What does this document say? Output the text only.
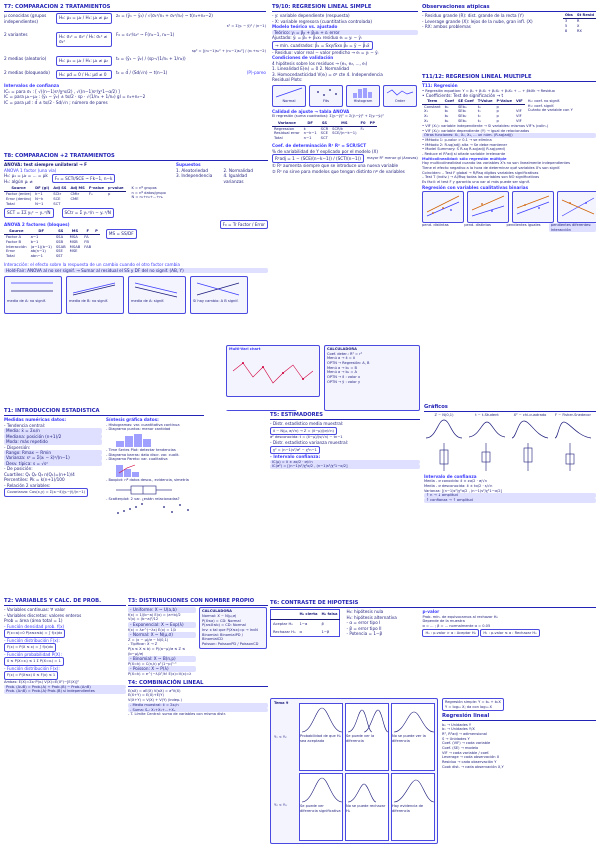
T7: COMPARACIÓN 2 TRATAMIENTOS
μ conocidas (grupos independientes)
H₀: μ₁ = μ₂ / H₁: μ₁ ≠ μ₂	z₀ = (ȳ₁ − ȳ₂) / √(σ₁²/n₁ + σ₂²/n₂) ~ t(n₁+n₂−2)
s² = Σ(yᵢ − ȳ)² / (n−1)
2 variantes	H₀: σ₁² = σ₂² / H₁: σ₁² ≠ σ₂²
F₀ = s₁²/s₂² ~ F(n₁−1, n₂−1)
sp² = [(n₁−1)s₁² + (n₂−1)s₂²] / (n₁+n₂−2)
2 medias (aleatorio)	H₀: μ₁ = μ₂ / H₁: μ₁ ≠ μ₂	t₀ = (ȳ₁ − ȳ₂) / (sp·√(1/n₁ + 1/n₂))
2 medias (bloqueado)	H₀: μd = 0 / H₁: μd ≠ 0	t₀ = d̄ / (Sd/√n) ~ t(n−1)	(P)-pareo
Intervalos de confianza
IC₁ = para σ₁ : [ √((n−1)s²/χ²α/2) , √((n−1)s²/χ²1−α/2) ]
IC = para μ₁−μ₂ : (ȳ₁ − ȳ₂) ± tα/2 · sp · √(1/n₁ + 1/n₂) gl = n₁+n₂−2
IC = para μd : d̄ ± tα/2 · Sd/√n ; número de pares
T8: COMPARACIÓN +2 TRATAMIENTOS
ANOVA: test siempre unilateral → F
ANOVA 1 factor (una vía)
H₀: μ₁ = μ₂ = ... = μk
H₁: algún μᵢ ≠
F₀ = SCTr/SCE ~ Fk−1, n−k
Supuestos
1. Aleatoriedad	2. Normalidad
3. Independencia	4. Igualdad varianzas
Source	DF (gl)	Adj SS	Adj MS	F-value	p-value
Factor (entre)	k−1	SCtr	CMtr	F₀	p
Error (dentro)	N−k	SCE	CME		
Total	N−1	SCT			
K = nº grupos
n = nº datos/grupo
N = n₁+n₂+...+nₖ
SCT = ΣΣ yᵢⱼ² − y..²/N	SCtr = Σ yᵢ.²/n − y..²/N
ANOVA 2 factores (bloques)	F₀ = Tr Factor / Error
Source	DF	SS	MS	F	P
Factor A	a−1	SSA	MSA	FA	
Factor B	b−1	SSB	MSB	FB	
Interacción	(a−1)(b−1)	SSAB	MSAB	FAB	
Error	ab(n−1)	SSE	MSE		
Total	abn−1	SST			
MS = SS/DF
Interacción: el efecto sobre la respuesta de un cambio cuando el otro factor cambia
Hold-Fair: ANOVA al no ser signif. → Sumar al residual el SS y DF del no signif. (AB, Y)
media de A: no signif.	media de B: no signif.	media de A: signif.	Sí hay cambio: A B signif.
T9/10: REGRESIÓN LINEAL SIMPLE
- y: variable dependiente (respuesta)
- X: variable regresora (cuantitativa controlada)
Modelo teórico vs. ajustado
Teórico: yᵢ = β₀ + β₁xᵢ + εᵢ error
Ajustado: ŷᵢ = β̂₀ + β̂₁x₁ residuo eᵢ = yᵢ − ŷᵢ
→ mín. cuadrados: β̂₁ = Sxy/Sxx β̂₀ = ȳ − β̂₁x̄
- Residuo: valor real − valor predicho → eᵢ = yᵢ − ŷᵢ
Condiciones de validación
4 hipótesis sobre los residuos → (e₁, e₂, ..., eᵢ)
1. Linealidad E(eᵢ) = 0 2. Normalidad
3. Homocedasticidad V(eᵢ) = σ² cte 4. Independencia
Residual Plots:
Normal	Fits	Histogram	Order
Calidad de ajuste → tabla ANOVA
El regresión (suma cuadrados): Σ(yᵢ−ȳ)² = Σ(ŷᵢ−ȳ)² + Σ(yᵢ−ŷᵢ)²
Variance	DF	SS	MS	F0	PP
Regression	k	SCR	SCR/k	F₀	
Residual error	n−k−1	SCE	SCE/(n−k−1)		
Total	n−1	SCT			
Coef. de determinación R² R² = SCR/SCT
% de variabilidad de Y explicado por el modelo (X)
R²adj = 1 − (SCE/(n−k−1)) / (SCT/(n−1))	mayor R² menor gl (Anovas)
① R² aumenta siempre que se introduce una nueva variable
② R² no sirve para modelos que tengan distinto nº de variables
Observaciones atípicas
- Residuo grande (R): dist. grande de la recta (Y)
- Leverage grande (X): lejos de la nube, gran infl. (X)
- RX: ambos problemas
Obs	St Resid
3	R
5	X
8	RX
T11/12: REGRESIÓN LINEAL MÚLTIPLE
T11: Regresión
• Regresión equation: Y = β₀ + β₁X₁ + β₂X₂ + β₃X₃ + ... + βkXk → Residuo
• Coefficients: Test de significación → t
Term	Coef	SE Coef	T-Value	P-Value	VIF
Constant	b₀	SEb₀	t₀	p	
X₁	b₁	SEb₁	t₁	p	VIF
X₂	b₂	SEb₂	t₂	p	VIF
X₃	b₃	SEb₃	t₃	p	VIF
H₀: coef. no signif.
H₁: coef. signif.
Cuánto de variable con Y
• VIF (X₁): variable independiente → Si variables: mismas VIF's (colin.)
• VIF (X₂): variable dependiente (Y) → igual de relacionadas
Otras funciones: X₁, X₂, X₃, ... un núm. (R-sq(adj))
• Método 1: p-valor > 0.1 → se elimina
• Método 2: R-sq(adj) alta → Se debe mantener
• Model Summary: S R-sq R-sq(adj) R-sq(pred)
- Reduce el R²adj si añade variable irrelevante
Multicolinealidad: sólo regresión múltiple
Hay multicolinealidad cuando las variables X's no son linealmente independientes
Tiene el efecto negativo a la hora de determinar qué variables X's son signif.
Coinciden: – Test F global → R/Rsq dígitos variables significativas
– Test T (indiv.) → Al/Rsq todas las variables son NO significativas
Es fácil: el test F y garantía una var al más puede ser signif.
Regresión con variables cualitativas binarias
pend. distintas	pend. distintas	pendientes iguales	pendientes diferentes: Interacción
Multi-Vari chart	CALCULADORA
Coef. deter.: R² = r²
Menú a → x̄ = x̄
OPTN → Regresión: A, B
Menú a → b₁ = B
Menú a → b₀ = A
OPTN → x̂ : valor x
OPTN → ŷ : valor y
T1: INTRODUCCIÓN ESTADÍSTICA
Medidas numéricas datos:
- Tendencia central:
Media: x̄ = Σxᵢ/n
Mediana: posición (n+1)/2
Moda: más repetido
- Dispersión:
Rango: Rmax − Rmin
Varianza: s² = Σ(xᵢ − x̄)²/(n−1)
Desv. típica: s = √s²
- De posición:
Cuartiles: Q₁ Q₂ Q₃ n(Q₁)=(n+1)/4
Percentiles: Pk = k(n+1)/100
- Relación 2 variables:
Covarianza: Cov(x,y) = Σ(xᵢ−x̄)(yᵢ−ȳ)/(n−1)
Síntesis gráfica datos:
- Histogramas: var. cuantitativa continua
- Diagrama puntos: menor cantidad
- Time Series Plot: detectar tendencias
- Diagrama barras: dato discr. var. cualit.
- Diagrama Pareto: var. cualitativa
- Boxplot: nº datos desca., evidencia, simetría
- Scatterplot: 2 var. ¿están relacionadas?
T2: VARIABLES Y CÁLC. DE PROB.
- Variables continuas: ∀ valor
- Variables discretas: valores enteros
Prob = área (área total = 1)
- Función densidad prob. f(x)
P(x=a)=0 P(a≤x≤b) = ∫ f(x)dx
- Función distribución F(x):
F(x) = P(X ≤ x) = ∫ f(x)dx
- Función probabilidad P(X):
0 ≤ P(X=xᵢ) ≤ 1 Σ P(X=xᵢ) = 1
- Función distribución F(x):
F(x) = P(X≤x) 0 ≤ F(x) ≤ 1
Ambas: E(X)=Σxᵢ·P(xᵢ) V(X)=E(X²)−[E(X)]²
Prob. (A∪B) = Prob.(A) + Prob.(B) − Prob.(A∩B)
Prob. (A∩B) = Prob.(A)·Prob.(B) si independientes
T3: DISTRIBUCIONES CON NOMBRE PROPIO
- Uniforme: X ~ U(a,b)
f(x) = 1/(b−a) E(x) = (a+b)/2
V(x) = (b−a)²/12
- Exponencial: X ~ Exp(λ)
f(x) = λe^(−λx) E(x) = 1/λ
- Normal: X ~ N(μ,σ)
Z = (x − μ)/σ ~ N(0,1)
- Tipificar: X → Z
P(a ≤ X ≤ b) = P((a−μ)/σ ≤ Z ≤ (b−μ)/σ)
- Binomial: X ~ B(n,p)
P(X=k) = C(n,k) pᵏ(1−p)ⁿ⁻ᵏ
- Poisson: X ~ P(λ)
P(X=k) = e^(−λ)λᵏ/k! E(x)=V(x)=λ
CALCULADORA
Normal: X ~ N(μ,σ)
P(X≤a) = CD: Normal
P(a≤X≤b) = CD: Normal
Inv: x tal que P(X≤x)=p → InvN
Binomial: BinomialPD / BinomialCD
Poisson: PoissonPD / PoissonCD
T4: COMBINACIÓN LINEAL
E(aX) = aE(X) V(aX) = a²V(X)
E(X+Y) = E(X)+E(Y)
V(X+Y) = V(X) + V(Y) (indep.)
- Media muestral: x̄ = Σxᵢ/n
- Suma: Sₙ: X₁+X₂+...+Xₙ
- T. Límite Central: suma de variables con misma distr.
T5: ESTIMADORES
- Distr. estadístico media muestral:
x̄ ~ N(μ, σ/√n) → Z = (x̄−μ)/(σ/√n)
σ² desconocida: t = (x̄−μ)/(s/√n) ~ tn−1
- Distr. estadístico varianza muestral:
χ² = (n−1)s²/σ² ~ χ²n−1
- Intervalo confianza:
IC(μ) = x̄ ± zα/2 · σ/√n
IC(σ²) = [(n−1)s²/χ²α/2 , (n−1)s²/χ²1−α/2]
T6: CONTRASTE DE HIPÓTESIS
	H₀ cierta	H₀ falsa
Aceptar H₀	1−α	β
Rechazar H₀	α	1−β
H₀: hipótesis nula
H₁: hipótesis alternativa
- α = error tipo I
- β = error tipo II
- Potencia = 1−β
p-valor
Prob. mín. de equivocarnos al rechazar H₀
Depende de la muestra
α = ... ; β = ... normalmente α = 0.05
H₀ : p-valor > α : Aceptar H₀ H₁ : p-valor ≤ α : Rechazar H₀
Gráficos
Z ~ N(0,1)	t ~ t-Student	X² ~ chi-cuadrado	F ~ Fisher-Snedecor
Intervalo de confianza
Media - σ conocida: x̄ ± zα/2 · σ/√n
Media - σ desconocida: x̄ ± tα/2 · s/√n
Varianza: [(n−1)s²/χ²α/2 , (n−1)s²/χ²1−α/2]
↑ n → ↓ amplitud
↑ confianza → ↑ amplitud
Tema 9
Y₁ < Y₂
Y₂ < Y₃
Probabilidad de que H₀ sea aceptada
Se puede ver la diferencia
No se puede ver la diferencia
Se puede ver diferencia significativa
No se puede rechazar H₀
Hay evidencia de diferencia
Regresión simple: Y = b₀ + b₁X
Y = log₁₀ X; da con log₁₀ X
Regresión lineal
b₀ → Unidades Y
b₁ → Unidades Y/X
R², R²adj → adimensional
S → Unidades Y
Coef. (VIF) → cada variable
Coef. (SE) → modelo
VIF → cada variable / coef.
Leverage → cada observación X
Residuo → cada observación Y
Cook dist. → cada observación X,Y
